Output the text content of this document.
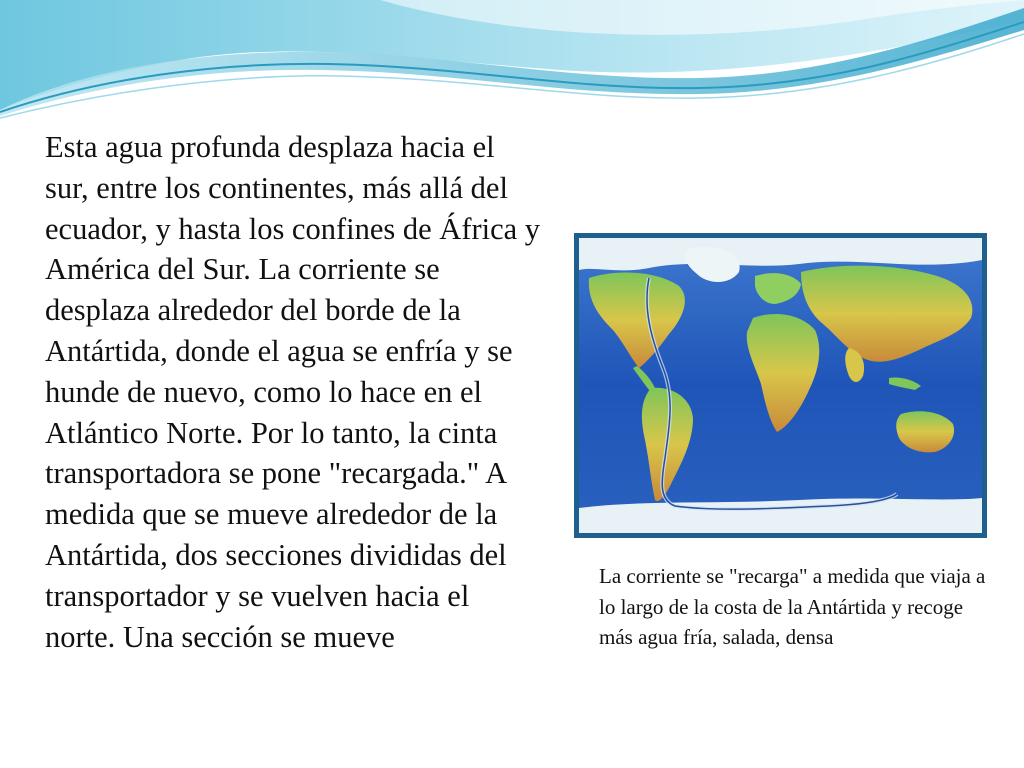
Esta agua profunda desplaza hacia el sur, entre los continentes, más allá del ecuador, y hasta los confines de África y América del Sur. La corriente se desplaza alrededor del borde de la Antártida, donde el agua se enfría y se hunde de nuevo, como lo hace en el Atlántico Norte. Por lo tanto, la cinta transportadora se pone "recargada." A medida que se mueve alrededor de la Antártida, dos secciones divididas del transportador y se vuelven hacia el norte. Una sección se mueve

La corriente se "recarga" a medida que viaja a lo largo de la costa de la Antártida y recoge más agua fría, salada, densa
